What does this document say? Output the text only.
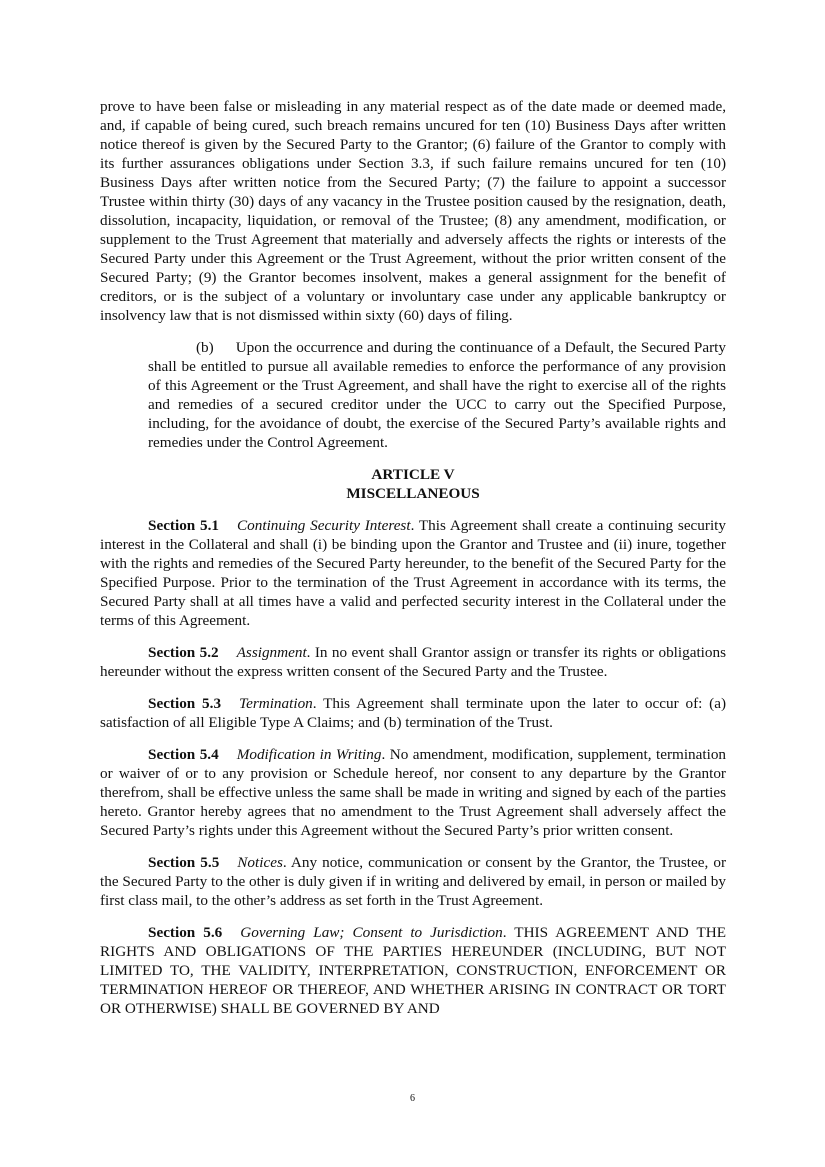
prove to have been false or misleading in any material respect as of the date made or deemed made, and, if capable of being cured, such breach remains uncured for ten (10) Business Days after written notice thereof is given by the Secured Party to the Grantor; (6) failure of the Grantor to comply with its further assurances obligations under Section 3.3, if such failure remains uncured for ten (10) Business Days after written notice from the Secured Party; (7) the failure to appoint a successor Trustee within thirty (30) days of any vacancy in the Trustee position caused by the resignation, death, dissolution, incapacity, liquidation, or removal of the Trustee; (8) any amendment, modification, or supplement to the Trust Agreement that materially and adversely affects the rights or interests of the Secured Party under this Agreement or the Trust Agreement, without the prior written consent of the Secured Party; (9) the Grantor becomes insolvent, makes a general assignment for the benefit of creditors, or is the subject of a voluntary or involuntary case under any applicable bankruptcy or insolvency law that is not dismissed within sixty (60) days of filing.

(b) Upon the occurrence and during the continuance of a Default, the Secured Party shall be entitled to pursue all available remedies to enforce the performance of any provision of this Agreement or the Trust Agreement, and shall have the right to exercise all of the rights and remedies of a secured creditor under the UCC to carry out the Specified Purpose, including, for the avoidance of doubt, the exercise of the Secured Party’s available rights and remedies under the Control Agreement.

ARTICLE V
MISCELLANEOUS

Section 5.1 Continuing Security Interest. This Agreement shall create a continuing security interest in the Collateral and shall (i) be binding upon the Grantor and Trustee and (ii) inure, together with the rights and remedies of the Secured Party hereunder, to the benefit of the Secured Party for the Specified Purpose. Prior to the termination of the Trust Agreement in accordance with its terms, the Secured Party shall at all times have a valid and perfected security interest in the Collateral under the terms of this Agreement.

Section 5.2 Assignment. In no event shall Grantor assign or transfer its rights or obligations hereunder without the express written consent of the Secured Party and the Trustee.

Section 5.3 Termination. This Agreement shall terminate upon the later to occur of: (a) satisfaction of all Eligible Type A Claims; and (b) termination of the Trust.

Section 5.4 Modification in Writing. No amendment, modification, supplement, termination or waiver of or to any provision or Schedule hereof, nor consent to any departure by the Grantor therefrom, shall be effective unless the same shall be made in writing and signed by each of the parties hereto. Grantor hereby agrees that no amendment to the Trust Agreement shall adversely affect the Secured Party’s rights under this Agreement without the Secured Party’s prior written consent.

Section 5.5 Notices. Any notice, communication or consent by the Grantor, the Trustee, or the Secured Party to the other is duly given if in writing and delivered by email, in person or mailed by first class mail, to the other’s address as set forth in the Trust Agreement.

Section 5.6 Governing Law; Consent to Jurisdiction. THIS AGREEMENT AND THE RIGHTS AND OBLIGATIONS OF THE PARTIES HEREUNDER (INCLUDING, BUT NOT LIMITED TO, THE VALIDITY, INTERPRETATION, CONSTRUCTION, ENFORCEMENT OR TERMINATION HEREOF OR THEREOF, AND WHETHER ARISING IN CONTRACT OR TORT OR OTHERWISE) SHALL BE GOVERNED BY AND

6
